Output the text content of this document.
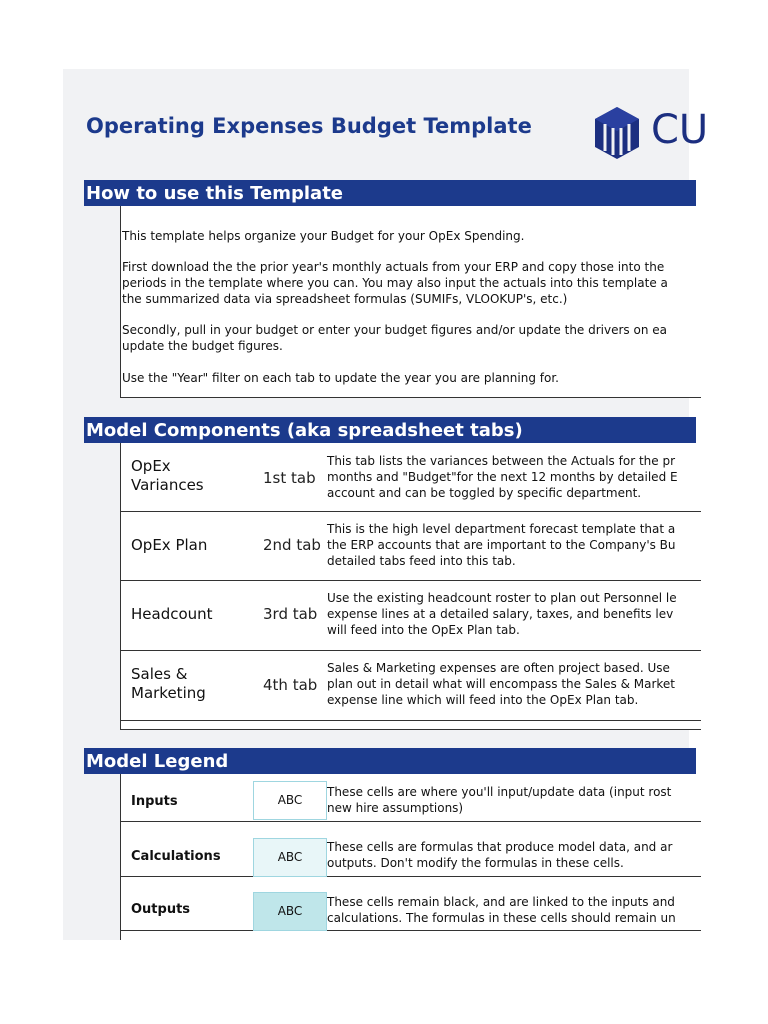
Operating Expenses Budget Template	CU
How to use this Template

This template helps organize your Budget for your OpEx Spending.

First download the the prior year's monthly actuals from your ERP and copy those into the

periods in the template where you can. You may also input the actuals into this template a

the summarized data via spreadsheet formulas (SUMIFs, VLOOKUP's, etc.)

Secondly, pull in your budget or enter your budget figures and/or update the drivers on ea

update the budget figures.

Use the "Year" filter on each tab to update the year you are planning for.

Model Components (aka spreadsheet tabs)
OpEx
Variances	1st tab
This tab lists the variances between the Actuals for the pr
months and "Budget"for the next 12 months by detailed E
account and can be toggled by specific department.
OpEx Plan	2nd tab
This is the high level department forecast template that a
the ERP accounts that are important to the Company's Bu
detailed tabs feed into this tab.
Headcount	3rd tab
Use the existing headcount roster to plan out Personnel le
expense lines at a detailed salary, taxes, and benefits lev
will feed into the OpEx Plan tab.
Sales &
Marketing	4th tab
Sales & Marketing expenses are often project based. Use
plan out in detail what will encompass the Sales & Market
expense line which will feed into the OpEx Plan tab.
Model Legend
Inputs	ABC
These cells are where you'll input/update data (input rost
new hire assumptions)
Calculations	ABC
These cells are formulas that produce model data, and ar
outputs. Don't modify the formulas in these cells.
Outputs	ABC
These cells remain black, and are linked to the inputs and
calculations. The formulas in these cells should remain un
